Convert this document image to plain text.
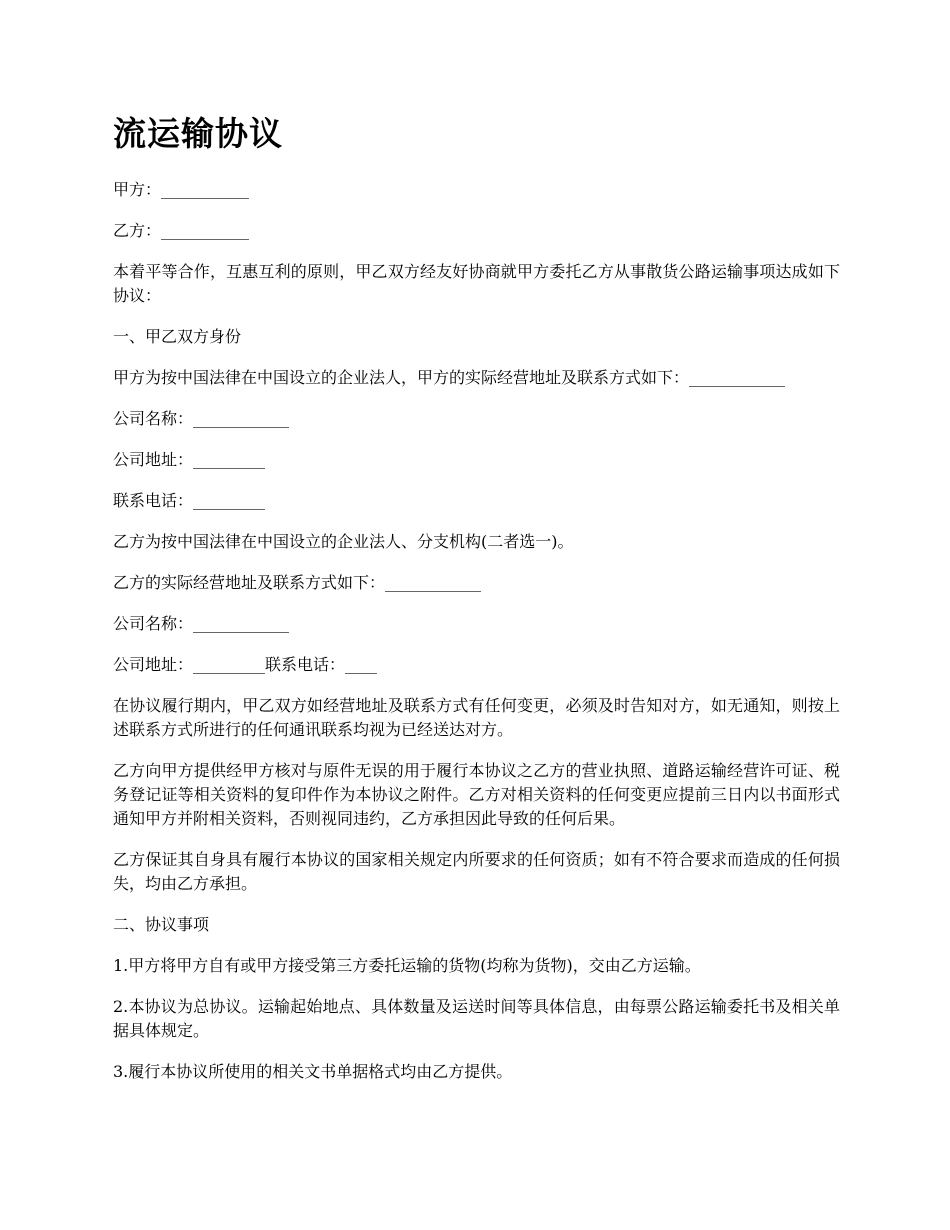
流运输协议

甲方：___________

乙方：___________

本着平等合作，互惠互利的原则，甲乙双方经友好协商就甲方委托乙方从事散货公路运输事项达成如下协议：

一、甲乙双方身份

甲方为按中国法律在中国设立的企业法人，甲方的实际经营地址及联系方式如下：____________

公司名称：____________

公司地址：_________

联系电话：_________

乙方为按中国法律在中国设立的企业法人、分支机构(二者选一)。

乙方的实际经营地址及联系方式如下：____________

公司名称：____________

公司地址：_________联系电话：____

在协议履行期内，甲乙双方如经营地址及联系方式有任何变更，必须及时告知对方，如无通知，则按上述联系方式所进行的任何通讯联系均视为已经送达对方。

乙方向甲方提供经甲方核对与原件无误的用于履行本协议之乙方的营业执照、道路运输经营许可证、税务登记证等相关资料的复印件作为本协议之附件。乙方对相关资料的任何变更应提前三日内以书面形式通知甲方并附相关资料，否则视同违约，乙方承担因此导致的任何后果。

乙方保证其自身具有履行本协议的国家相关规定内所要求的任何资质；如有不符合要求而造成的任何损失，均由乙方承担。

二、协议事项

1.甲方将甲方自有或甲方接受第三方委托运输的货物(均称为货物)，交由乙方运输。

2.本协议为总协议。运输起始地点、具体数量及运送时间等具体信息，由每票公路运输委托书及相关单据具体规定。

3.履行本协议所使用的相关文书单据格式均由乙方提供。
